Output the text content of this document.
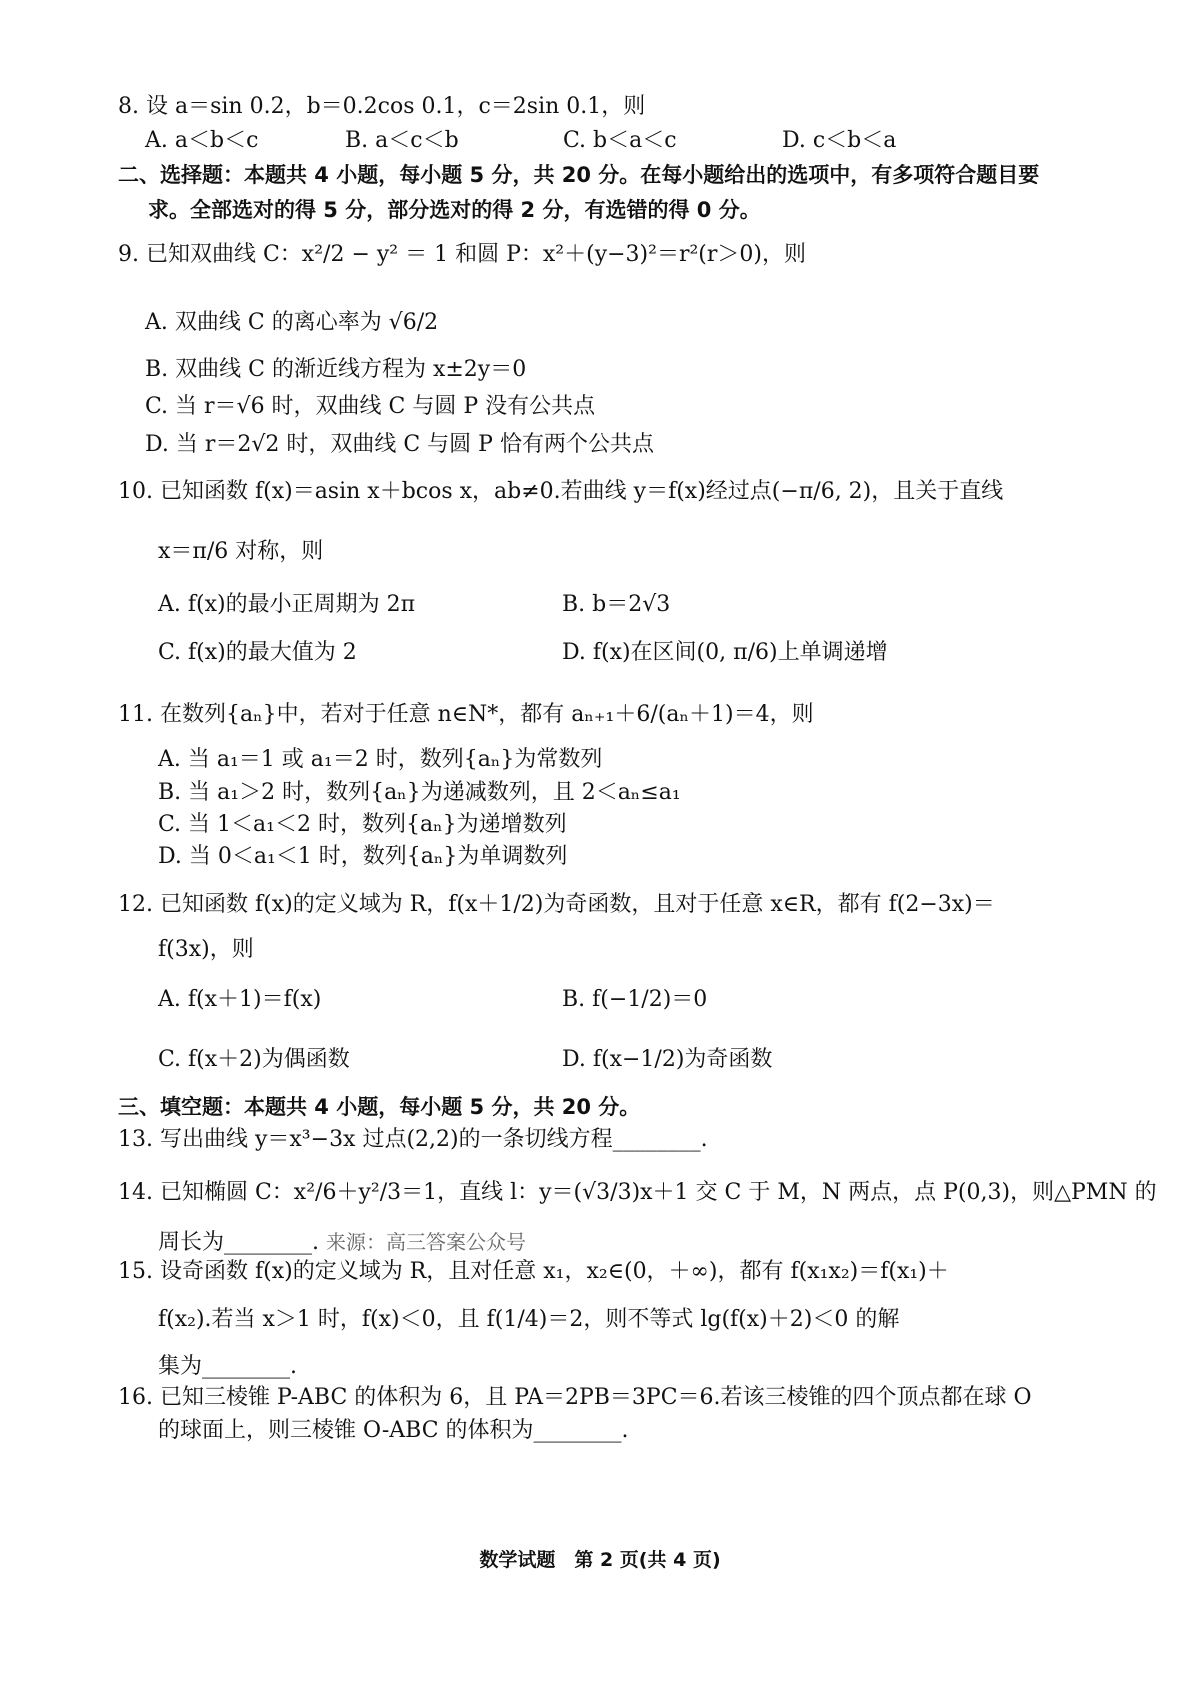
8. 设 a＝sin 0.2，b＝0.2cos 0.1，c＝2sin 0.1，则
A. a＜b＜c	B. a＜c＜b	C. b＜a＜c	D. c＜b＜a
二、选择题：本题共 4 小题，每小题 5 分，共 20 分。在每小题给出的选项中，有多项符合题目要
求。全部选对的得 5 分，部分选对的得 2 分，有选错的得 0 分。
9. 已知双曲线 C：x²/2 − y² ＝ 1 和圆 P：x²＋(y−3)²＝r²(r＞0)，则
A. 双曲线 C 的离心率为 √6/2
B. 双曲线 C 的渐近线方程为 x±2y＝0
C. 当 r＝√6 时，双曲线 C 与圆 P 没有公共点
D. 当 r＝2√2 时，双曲线 C 与圆 P 恰有两个公共点
10. 已知函数 f(x)＝asin x＋bcos x，ab≠0.若曲线 y＝f(x)经过点(−π/6, 2)，且关于直线
x＝π/6 对称，则
A. f(x)的最小正周期为 2π	B. b＝2√3
C. f(x)的最大值为 2	D. f(x)在区间(0, π/6)上单调递增
11. 在数列{aₙ}中，若对于任意 n∈N*，都有 aₙ₊₁＋6/(aₙ＋1)＝4，则
A. 当 a₁＝1 或 a₁＝2 时，数列{aₙ}为常数列
B. 当 a₁＞2 时，数列{aₙ}为递减数列，且 2＜aₙ≤a₁
C. 当 1＜a₁＜2 时，数列{aₙ}为递增数列
D. 当 0＜a₁＜1 时，数列{aₙ}为单调数列
12. 已知函数 f(x)的定义域为 R，f(x＋1/2)为奇函数，且对于任意 x∈R，都有 f(2−3x)＝
f(3x)，则
A. f(x＋1)＝f(x)	B. f(−1/2)＝0
C. f(x＋2)为偶函数	D. f(x−1/2)为奇函数
三、填空题：本题共 4 小题，每小题 5 分，共 20 分。
13. 写出曲线 y＝x³−3x 过点(2,2)的一条切线方程________.
14. 已知椭圆 C：x²/6＋y²/3＝1，直线 l：y＝(√3/3)x＋1 交 C 于 M，N 两点，点 P(0,3)，则△PMN 的
周长为________. 来源：高三答案公众号
15. 设奇函数 f(x)的定义域为 R，且对任意 x₁，x₂∈(0，＋∞)，都有 f(x₁x₂)＝f(x₁)＋
f(x₂).若当 x＞1 时，f(x)＜0，且 f(1/4)＝2，则不等式 lg(f(x)＋2)＜0 的解
集为________.
16. 已知三棱锥 P-ABC 的体积为 6，且 PA＝2PB＝3PC＝6.若该三棱锥的四个顶点都在球 O
的球面上，则三棱锥 O-ABC 的体积为________.
数学试题　第 2 页(共 4 页)
